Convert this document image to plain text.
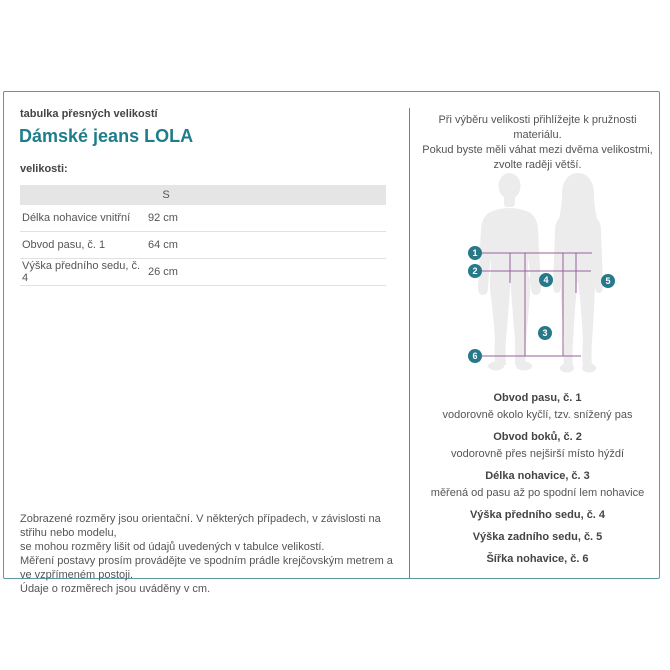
tabulka přesných velikostí
Dámské jeans LOLA
velikosti:
S
Délka nohavice vnitřní	92 cm
Obvod pasu, č. 1	64 cm
Výška předního sedu, č. 4	26 cm
Zobrazené rozměry jsou orientační. V některých případech, v závislosti na střihu nebo modelu,
se mohou rozměry lišit od údajů uvedených v tabulce velikostí.
Měření postavy prosím provádějte ve spodním prádle krejčovským metrem a ve vzpřímeném postoji.
Údaje o rozměrech jsou uváděny v cm.
Při výběru velikosti přihlížejte k pružnosti materiálu.
Pokud byste měli váhat mezi dvěma velikostmi,
zvolte raději větší.
1
2
3
4	5
6
Obvod pasu, č. 1
vodorovně okolo kyčlí, tzv. snížený pas
Obvod boků, č. 2
vodorovně přes nejširší místo hýždí
Délka nohavice, č. 3
měřená od pasu až po spodní lem nohavice
Výška předního sedu, č. 4
Výška zadního sedu, č. 5
Šířka nohavice, č. 6
